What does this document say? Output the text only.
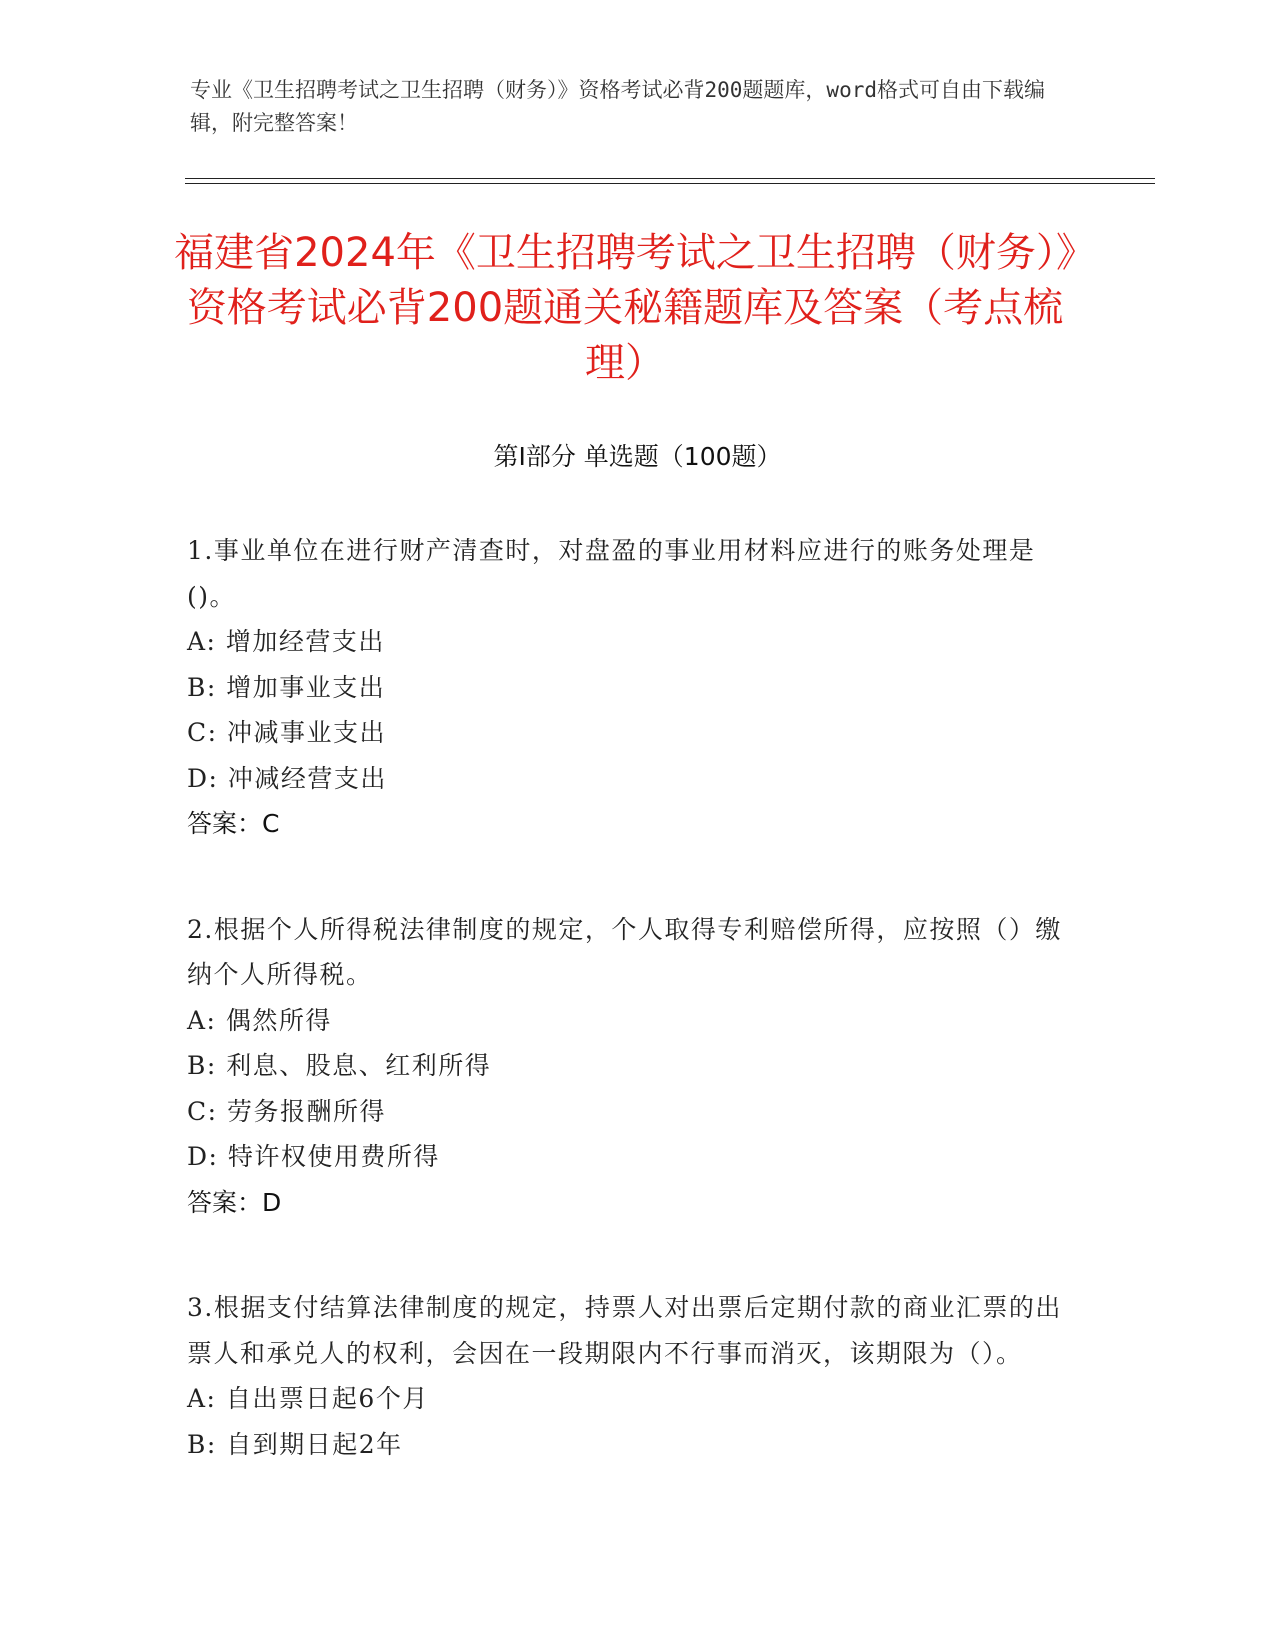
专业《卫生招聘考试之卫生招聘（财务）》资格考试必背200题题库，word格式可自由下载编辑，附完整答案！
福建省2024年《卫生招聘考试之卫生招聘（财务）》资格考试必背200题通关秘籍题库及答案（考点梳理）
第Ⅰ部分 单选题（100题）

1.事业单位在进行财产清查时，对盘盈的事业用材料应进行的账务处理是()。

A: 增加经营支出

B: 增加事业支出

C: 冲减事业支出

D: 冲减经营支出

答案：C

2.根据个人所得税法律制度的规定，个人取得专利赔偿所得，应按照（）缴纳个人所得税。

A: 偶然所得

B: 利息、股息、红利所得

C: 劳务报酬所得

D: 特许权使用费所得

答案：D

3.根据支付结算法律制度的规定，持票人对出票后定期付款的商业汇票的出票人和承兑人的权利，会因在一段期限内不行事而消灭，该期限为（）。

A: 自出票日起6个月

B: 自到期日起2年
